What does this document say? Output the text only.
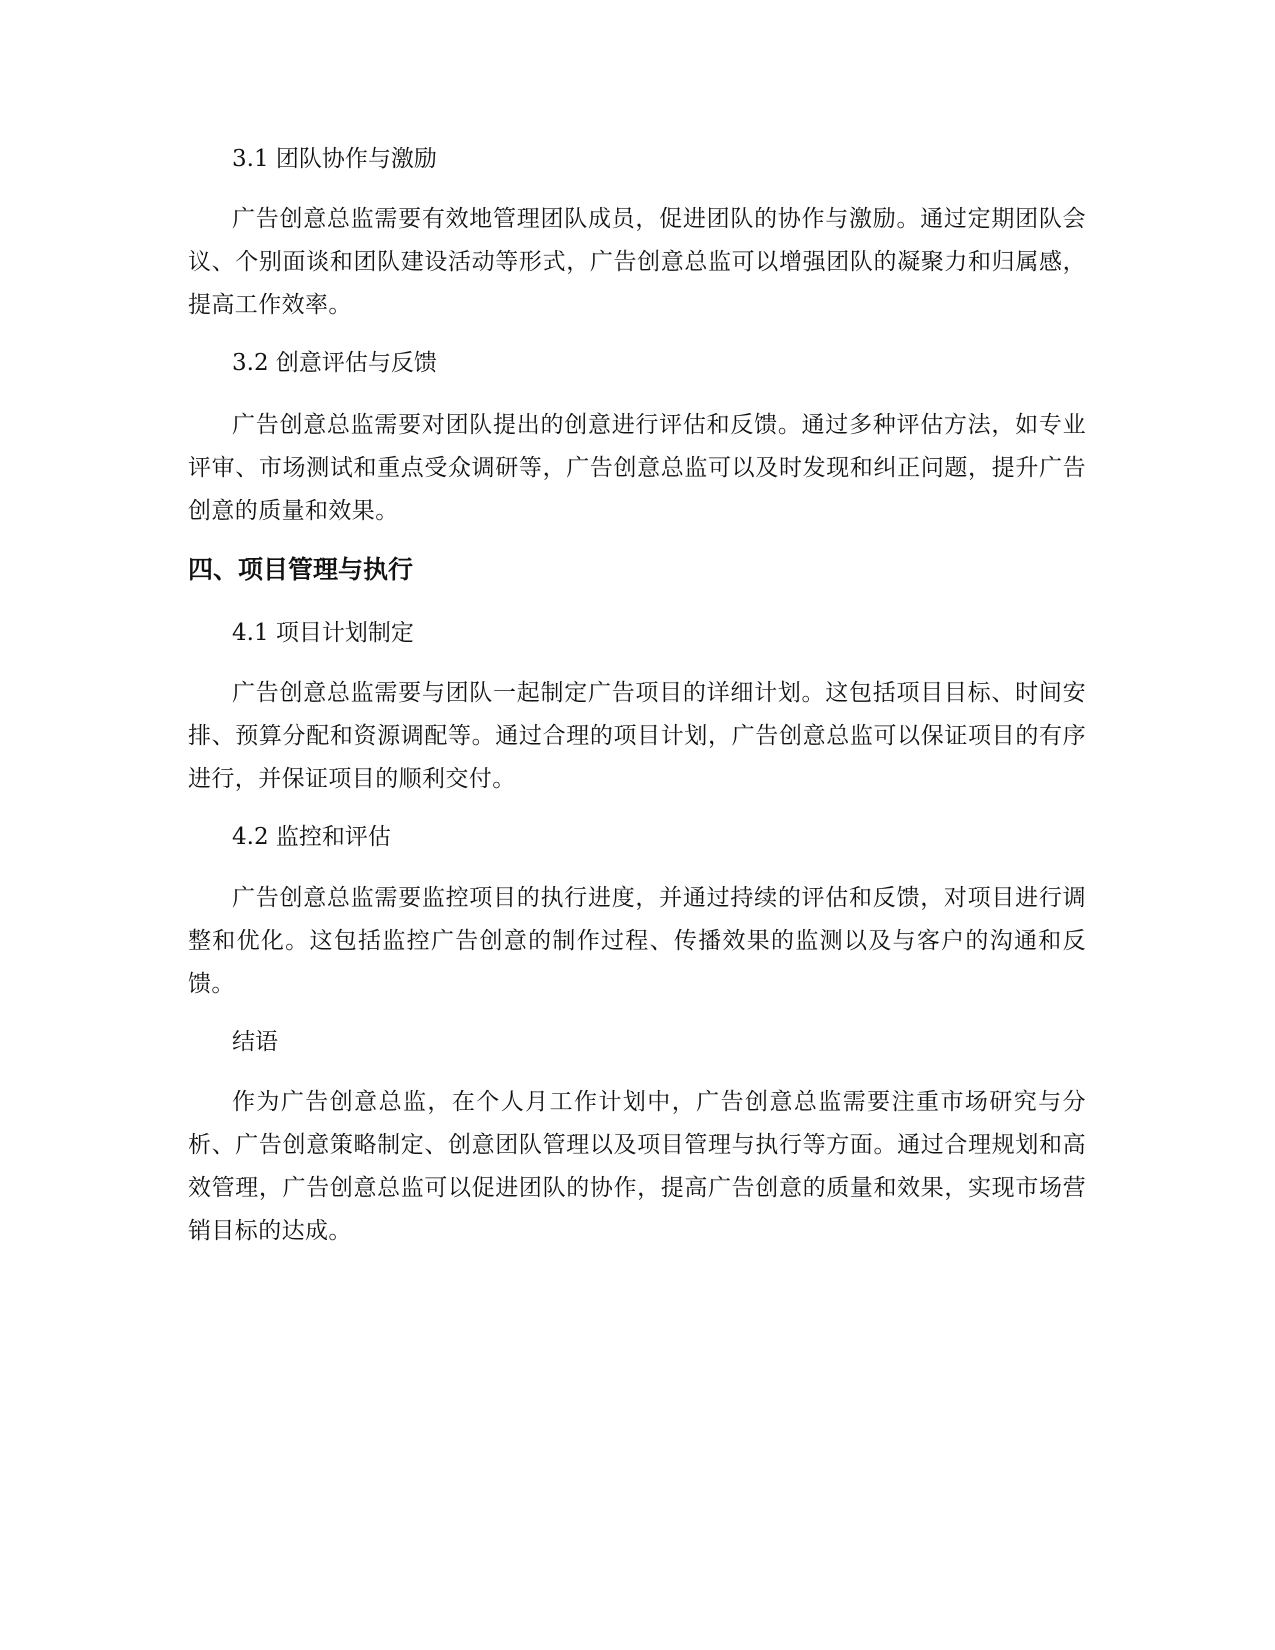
3.1 团队协作与激励
广告创意总监需要有效地管理团队成员，促进团队的协作与激励。通过定期团队会议、个别面谈和团队建设活动等形式，广告创意总监可以增强团队的凝聚力和归属感，提高工作效率。
3.2 创意评估与反馈
广告创意总监需要对团队提出的创意进行评估和反馈。通过多种评估方法，如专业评审、市场测试和重点受众调研等，广告创意总监可以及时发现和纠正问题，提升广告创意的质量和效果。
四、项目管理与执行
4.1 项目计划制定
广告创意总监需要与团队一起制定广告项目的详细计划。这包括项目目标、时间安排、预算分配和资源调配等。通过合理的项目计划，广告创意总监可以保证项目的有序进行，并保证项目的顺利交付。
4.2 监控和评估
广告创意总监需要监控项目的执行进度，并通过持续的评估和反馈，对项目进行调整和优化。这包括监控广告创意的制作过程、传播效果的监测以及与客户的沟通和反馈。
结语
作为广告创意总监，在个人月工作计划中，广告创意总监需要注重市场研究与分析、广告创意策略制定、创意团队管理以及项目管理与执行等方面。通过合理规划和高效管理，广告创意总监可以促进团队的协作，提高广告创意的质量和效果，实现市场营销目标的达成。
